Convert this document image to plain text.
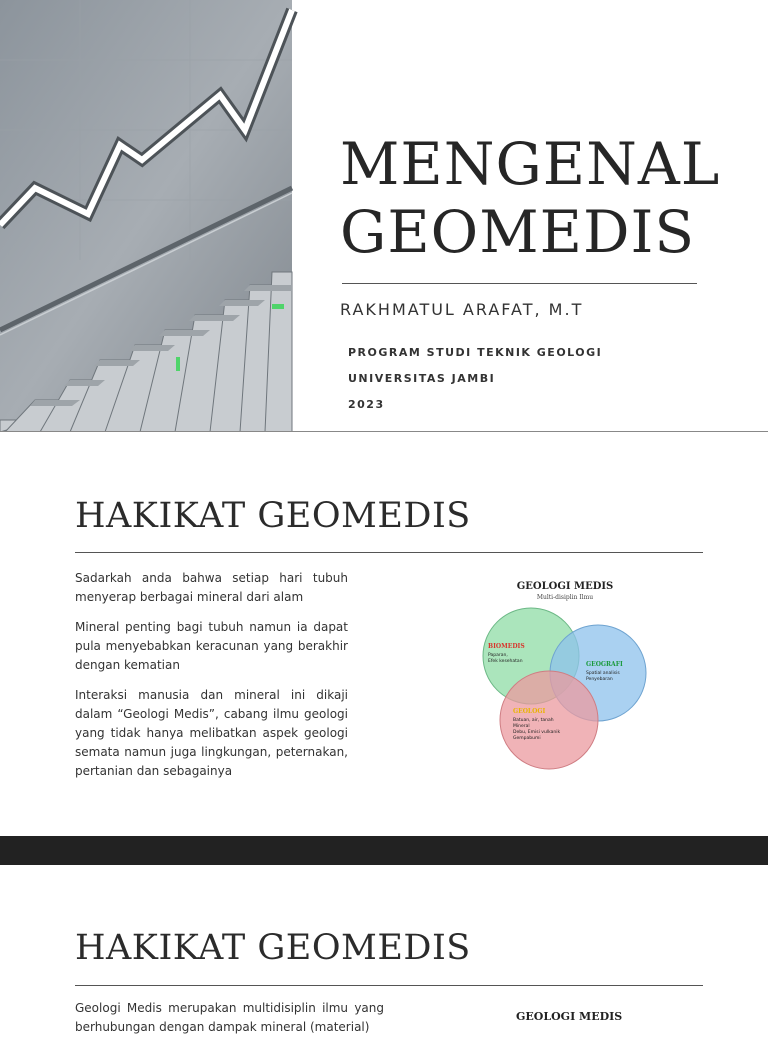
MENGENAL
GEOMEDIS
RAKHMATUL ARAFAT, M.T
PROGRAM STUDI TEKNIK GEOLOGI
UNIVERSITAS JAMBI
2023
HAKIKAT GEOMEDIS

Sadarkah anda bahwa setiap hari tubuh menyerap berbagai mineral dari alam

Mineral penting bagi tubuh namun ia dapat pula menyebabkan keracunan yang berakhir dengan kematian

Interaksi manusia dan mineral ini dikaji dalam “Geologi Medis”, cabang ilmu geologi yang tidak hanya melibatkan aspek geologi semata namun juga lingkungan, peternakan, pertanian dan sebagainya

GEOLOGI MEDIS
Multi-disiplin Ilmu
BIOMEDIS
Paparan,
Efek kesehatan	GEOGRAFI
Spatial analisis
Penyebaran
GEOLOGI
Batuan, air, tanah
Mineral
Debu, Emisi vulkanik
Gempabumi
HAKIKAT GEOMEDIS

Geologi Medis merupakan multidisiplin ilmu yang berhubungan dengan dampak mineral (material)

GEOLOGI MEDIS
